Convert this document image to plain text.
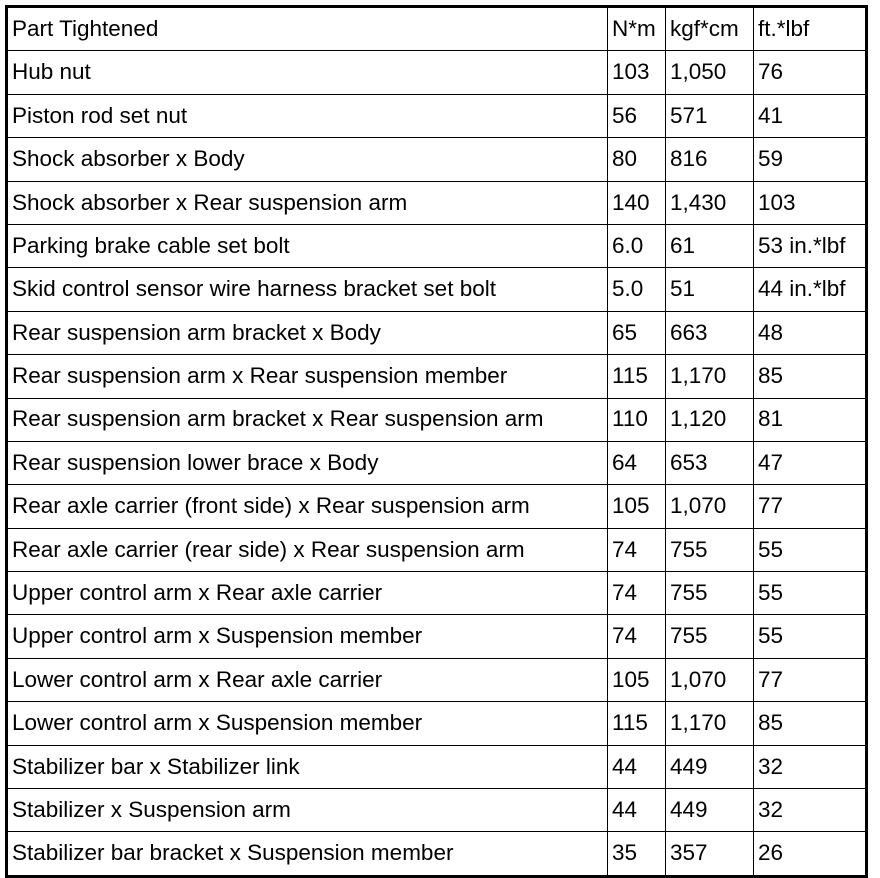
Part Tightened	N*m	kgf*cm	ft.*lbf
Hub nut	103	1,050	76
Piston rod set nut	56	571	41
Shock absorber x Body	80	816	59
Shock absorber x Rear suspension arm	140	1,430	103
Parking brake cable set bolt	6.0	61	53 in.*lbf
Skid control sensor wire harness bracket set bolt	5.0	51	44 in.*lbf
Rear suspension arm bracket x Body	65	663	48
Rear suspension arm x Rear suspension member	115	1,170	85
Rear suspension arm bracket x Rear suspension arm	110	1,120	81
Rear suspension lower brace x Body	64	653	47
Rear axle carrier (front side) x Rear suspension arm	105	1,070	77
Rear axle carrier (rear side) x Rear suspension arm	74	755	55
Upper control arm x Rear axle carrier	74	755	55
Upper control arm x Suspension member	74	755	55
Lower control arm x Rear axle carrier	105	1,070	77
Lower control arm x Suspension member	115	1,170	85
Stabilizer bar x Stabilizer link	44	449	32
Stabilizer x Suspension arm	44	449	32
Stabilizer bar bracket x Suspension member	35	357	26
